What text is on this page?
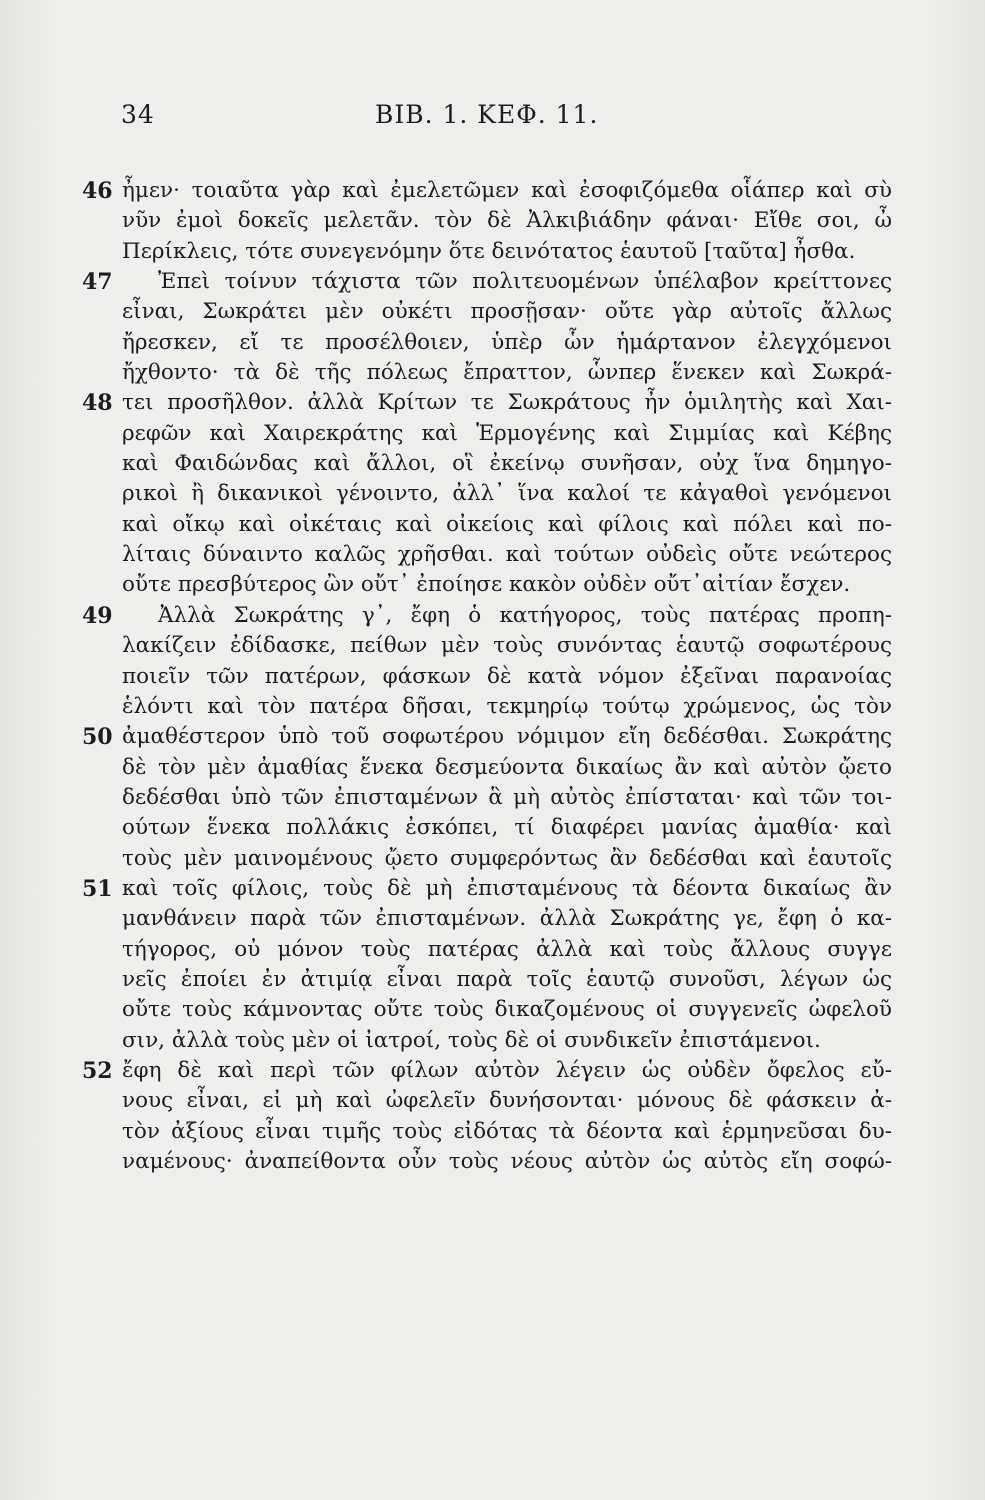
34	ΒΙΒ. 1. ΚΕΦ. 11.
46 ἦμεν· τοιαῦτα γὰρ καὶ ἐμελετῶμεν καὶ ἐσοφιζόμεθα οἷάπερ καὶ σὺ
νῦν ἐμοὶ δοκεῖς μελετᾶν. τὸν δὲ Ἀλκιβιάδην φάναι· Εἴθε σοι, ὦ
Περίκλεις, τότε συνεγενόμην ὅτε δεινότατος ἑαυτοῦ [ταῦτα] ἦσθα.
47 Ἐπεὶ τοίνυν τάχιστα τῶν πολιτευομένων ὑπέλαβον κρείττονες
εἶναι, Σωκράτει μὲν οὐκέτι προσῇσαν· οὔτε γὰρ αὐτοῖς ἄλλως
ἤρεσκεν, εἴ τε προσέλθοιεν, ὑπὲρ ὧν ἡμάρτανον ἐλεγχόμενοι
ἤχθοντο· τὰ δὲ τῆς πόλεως ἔπραττον, ὧνπερ ἕνεκεν καὶ Σωκρά-
48 τει προσῆλθον. ἀλλὰ Κρίτων τε Σωκράτους ἦν ὁμιλητὴς καὶ Χαι-
ρεφῶν καὶ Χαιρεκράτης καὶ Ἑρμογένης καὶ Σιμμίας καὶ Κέβης
καὶ Φαιδώνδας καὶ ἄλλοι, οἳ ἐκείνῳ συνῆσαν, οὐχ ἵνα δημηγο-
ρικοὶ ἢ δικανικοὶ γένοιντο, ἀλλ᾽ ἵνα καλοί τε κἀγαθοὶ γενόμενοι
καὶ οἴκῳ καὶ οἰκέταις καὶ οἰκείοις καὶ φίλοις καὶ πόλει καὶ πο-
λίταις δύναιντο καλῶς χρῆσθαι. καὶ τούτων οὐδεὶς οὔτε νεώτερος
οὔτε πρεσβύτερος ὢν οὔτ᾽ ἐποίησε κακὸν οὐδὲν οὔτ᾽αἰτίαν ἔσχεν.
49 Ἀλλὰ Σωκράτης γ᾽, ἔφη ὁ κατήγορος, τοὺς πατέρας προπη-
λακίζειν ἐδίδασκε, πείθων μὲν τοὺς συνόντας ἑαυτῷ σοφωτέρους
ποιεῖν τῶν πατέρων, φάσκων δὲ κατὰ νόμον ἐξεῖναι παρανοίας
ἑλόντι καὶ τὸν πατέρα δῆσαι, τεκμηρίῳ τούτῳ χρώμενος, ὡς τὸν
50 ἀμαθέστερον ὑπὸ τοῦ σοφωτέρου νόμιμον εἴη δεδέσθαι. Σωκράτης
δὲ τὸν μὲν ἀμαθίας ἕνεκα δεσμεύοντα δικαίως ἂν καὶ αὐτὸν ᾤετο
δεδέσθαι ὑπὸ τῶν ἐπισταμένων ἃ μὴ αὐτὸς ἐπίσταται· καὶ τῶν τοι-
ούτων ἕνεκα πολλάκις ἐσκόπει, τί διαφέρει μανίας ἀμαθία· καὶ
τοὺς μὲν μαινομένους ᾤετο συμφερόντως ἂν δεδέσθαι καὶ ἑαυτοῖς
51 καὶ τοῖς φίλοις, τοὺς δὲ μὴ ἐπισταμένους τὰ δέοντα δικαίως ἂν
μανθάνειν παρὰ τῶν ἐπισταμένων. ἀλλὰ Σωκράτης γε, ἔφη ὁ κα-
τήγορος, οὐ μόνον τοὺς πατέρας ἀλλὰ καὶ τοὺς ἄλλους συγγε
νεῖς ἐποίει ἐν ἀτιμίᾳ εἶναι παρὰ τοῖς ἑαυτῷ συνοῦσι, λέγων ὡς
οὔτε τοὺς κάμνοντας οὔτε τοὺς δικαζομένους οἱ συγγενεῖς ὠφελοῦ
σιν, ἀλλὰ τοὺς μὲν οἱ ἰατροί, τοὺς δὲ οἱ συνδικεῖν ἐπιστάμενοι.
52 ἔφη δὲ καὶ περὶ τῶν φίλων αὐτὸν λέγειν ὡς οὐδὲν ὄφελος εὔ-
νους εἶναι, εἰ μὴ καὶ ὠφελεῖν δυνήσονται· μόνους δὲ φάσκειν ἀ-
τὸν ἀξίους εἶναι τιμῆς τοὺς εἰδότας τὰ δέοντα καὶ ἑρμηνεῦσαι δυ-
ναμένους· ἀναπείθοντα οὖν τοὺς νέους αὐτὸν ὡς αὐτὸς εἴη σοφώ-
